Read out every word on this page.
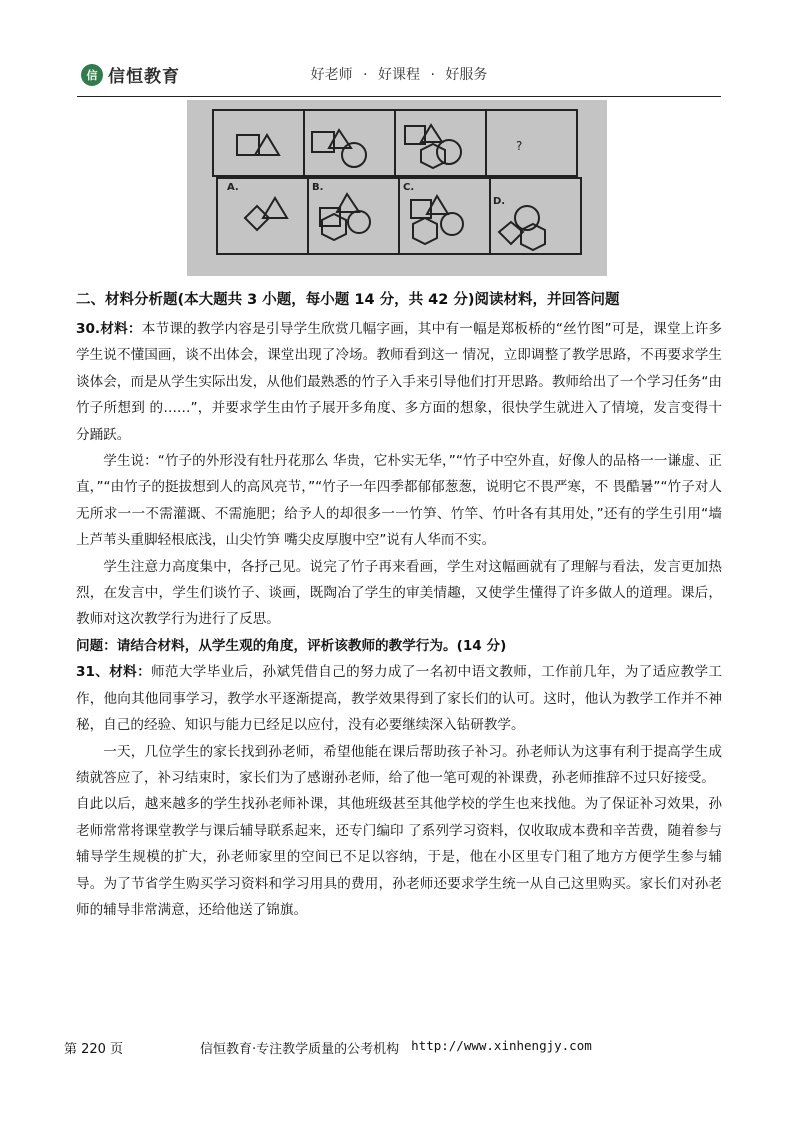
信 信恒教育	好老师 · 好课程 · 好服务
?
A.	B.	C.
D.

二、材料分析题(本大题共 3 小题，每小题 14 分，共 42 分)阅读材料，并回答问题

30.材料：本节课的教学内容是引导学生欣赏几幅字画，其中有一幅是郑板桥的“丝竹图”可是，课堂上许多学生说不懂国画，谈不出体会，课堂出现了冷场。教师看到这一 情况，立即调整了教学思路，不再要求学生谈体会，而是从学生实际出发，从他们最熟悉的竹子入手来引导他们打开思路。教师给出了一个学习任务“由竹子所想到 的……”，并要求学生由竹子展开多角度、多方面的想象，很快学生就进入了情境，发言变得十分踊跃。

学生说：“竹子的外形没有牡丹花那么 华贵，它朴实无华，”“竹子中空外直，好像人的品格一一谦虚、正直，”“由竹子的挺拔想到人的高风亮节，”“竹子一年四季都郁郁葱葱，说明它不畏严寒，不 畏酷暑”“竹子对人无所求一一不需灌溉、不需施肥；给予人的却很多一一竹笋、竹竿、竹叶各有其用处，”还有的学生引用“墙上芦苇头重脚轻根底浅，山尖竹笋 嘴尖皮厚腹中空”说有人华而不实。

学生注意力高度集中，各抒己见。说完了竹子再来看画，学生对这幅画就有了理解与看法，发言更加热烈，在发言中，学生们谈竹子、谈画，既陶冶了学生的审美情趣，又使学生懂得了许多做人的道理。课后，教师对这次教学行为进行了反思。

问题：请结合材料，从学生观的角度，评析该教师的教学行为。(14 分)

31、材料：师范大学毕业后，孙斌凭借自己的努力成了一名初中语文教师，工作前几年，为了适应教学工作，他向其他同事学习，教学水平逐渐提高，教学效果得到了家长们的认可。这时，他认为教学工作并不神秘，自己的经验、知识与能力已经足以应付，没有必要继续深入钻研教学。

一天，几位学生的家长找到孙老师，希望他能在课后帮助孩子补习。孙老师认为这事有利于提高学生成绩就答应了，补习结束时，家长们为了感谢孙老师，给了他一笔可观的补课费，孙老师推辞不过只好接受。

自此以后，越来越多的学生找孙老师补课，其他班级甚至其他学校的学生也来找他。为了保证补习效果，孙老师常常将课堂教学与课后辅导联系起来，还专门编印 了系列学习资料，仅收取成本费和辛苦费，随着参与辅导学生规模的扩大，孙老师家里的空间已不足以容纳，于是，他在小区里专门租了地方方便学生参与辅导。为了节省学生购买学习资料和学习用具的费用，孙老师还要求学生统一从自己这里购买。家长们对孙老师的辅导非常满意，还给他送了锦旗。

第 220 页	信恒教育·专注教学质量的公考机构 http://www.xinhengjy.com
